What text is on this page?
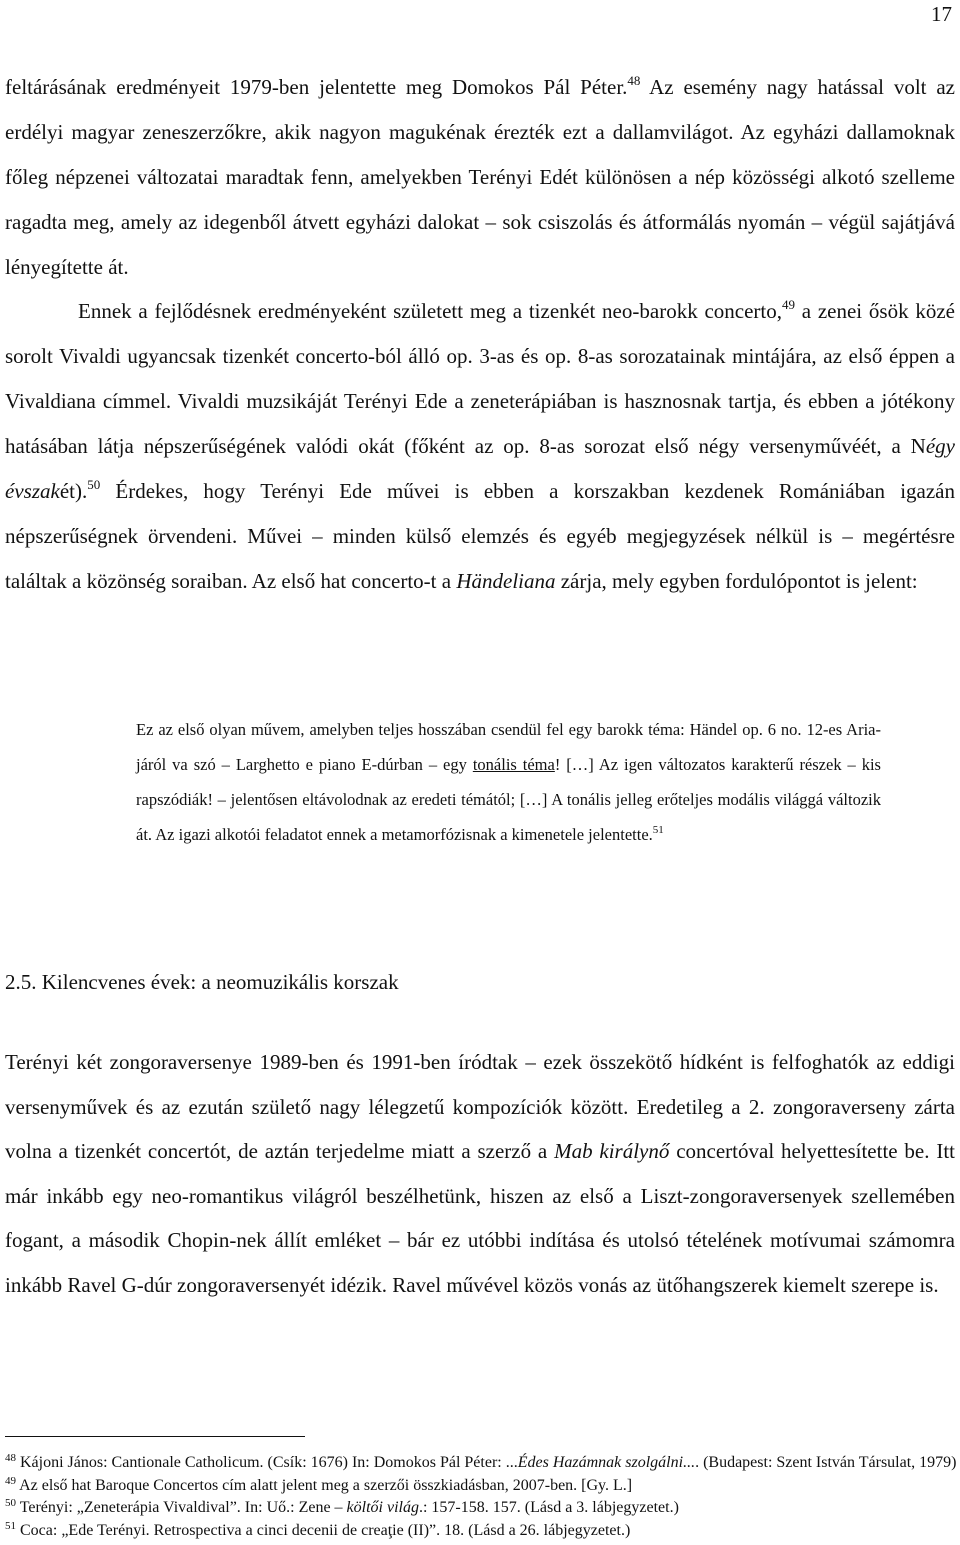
17

feltárásának eredményeit 1979-ben jelentette meg Domokos Pál Péter.$^{48}$ Az esemény nagy hatással volt az erdélyi magyar zeneszerzőkre, akik nagyon magukénak érezték ezt a dallamvilágot. Az egyházi dallamoknak főleg népzenei változatai maradtak fenn, amelyekben Terényi Edét különösen a nép közösségi alkotó szelleme ragadta meg, amely az idegenből átvett egyházi dalokat – sok csiszolás és átformálás nyomán – végül sajátjává lényegítette át.

Ennek a fejlődésnek eredményeként született meg a tizenkét neo-barokk concerto,$^{49}$ a zenei ősök közé sorolt Vivaldi ugyancsak tizenkét concerto-ból álló op. 3-as és op. 8-as sorozatainak mintájára, az első éppen a Vivaldiana címmel. Vivaldi muzsikáját Terényi Ede a zeneterápiában is hasznosnak tartja, és ebben a jótékony hatásában látja népszerűségének valódi okát (főként az op. 8-as sorozat első négy versenyművéét, a Négy évszakét).$^{50}$ Érdekes, hogy Terényi Ede művei is ebben a korszakban kezdenek Romániában igazán népszerűségnek örvendeni. Művei – minden külső elemzés és egyéb megjegyzések nélkül is – megértésre találtak a közönség soraiban. Az első hat concerto-t a Händeliana zárja, mely egyben fordulópontot is jelent:

Ez az első olyan művem, amelyben teljes hosszában csendül fel egy barokk téma: Händel op. 6 no. 12-es Aria-járól va szó – Larghetto e piano E-dúrban – egy tonális téma! […] Az igen változatos karakterű részek – kis rapszódiák! – jelentősen eltávolodnak az eredeti témától; […] A tonális jelleg erőteljes modális világgá változik át. Az igazi alkotói feladatot ennek a metamorfózisnak a kimenetele jelentette.$^{51}$

2.5. Kilencvenes évek: a neomuzikális korszak

Terényi két zongoraversenye 1989-ben és 1991-ben íródtak – ezek összekötő hídként is felfoghatók az eddigi versenyművek és az ezután születő nagy lélegzetű kompozíciók között. Eredetileg a 2. zongoraverseny zárta volna a tizenkét concertót, de aztán terjedelme miatt a szerző a Mab királynő concertóval helyettesítette be. Itt már inkább egy neo-romantikus világról beszélhetünk, hiszen az első a Liszt-zongoraversenyek szellemében fogant, a második Chopin-nek állít emléket – bár ez utóbbi indítása és utolsó tételének motívumai számomra inkább Ravel G-dúr zongoraversenyét idézik. Ravel művével közös vonás az ütőhangszerek kiemelt szerepe is.

$^{48}$ Kájoni János: Cantionale Catholicum. (Csík: 1676) In: Domokos Pál Péter: ...Édes Hazámnak szolgálni.... (Budapest: Szent István Társulat, 1979)

$^{49}$ Az első hat Baroque Concertos cím alatt jelent meg a szerzői összkiadásban, 2007-ben. [Gy. L.]

$^{50}$ Terényi: „Zeneterápia Vivaldival”. In: Uő.: Zene – költői világ.: 157-158. 157. (Lásd a 3. lábjegyzetet.)

$^{51}$ Coca: „Ede Terényi. Retrospectiva a cinci decenii de creaţie (II)”. 18. (Lásd a 26. lábjegyzetet.)
